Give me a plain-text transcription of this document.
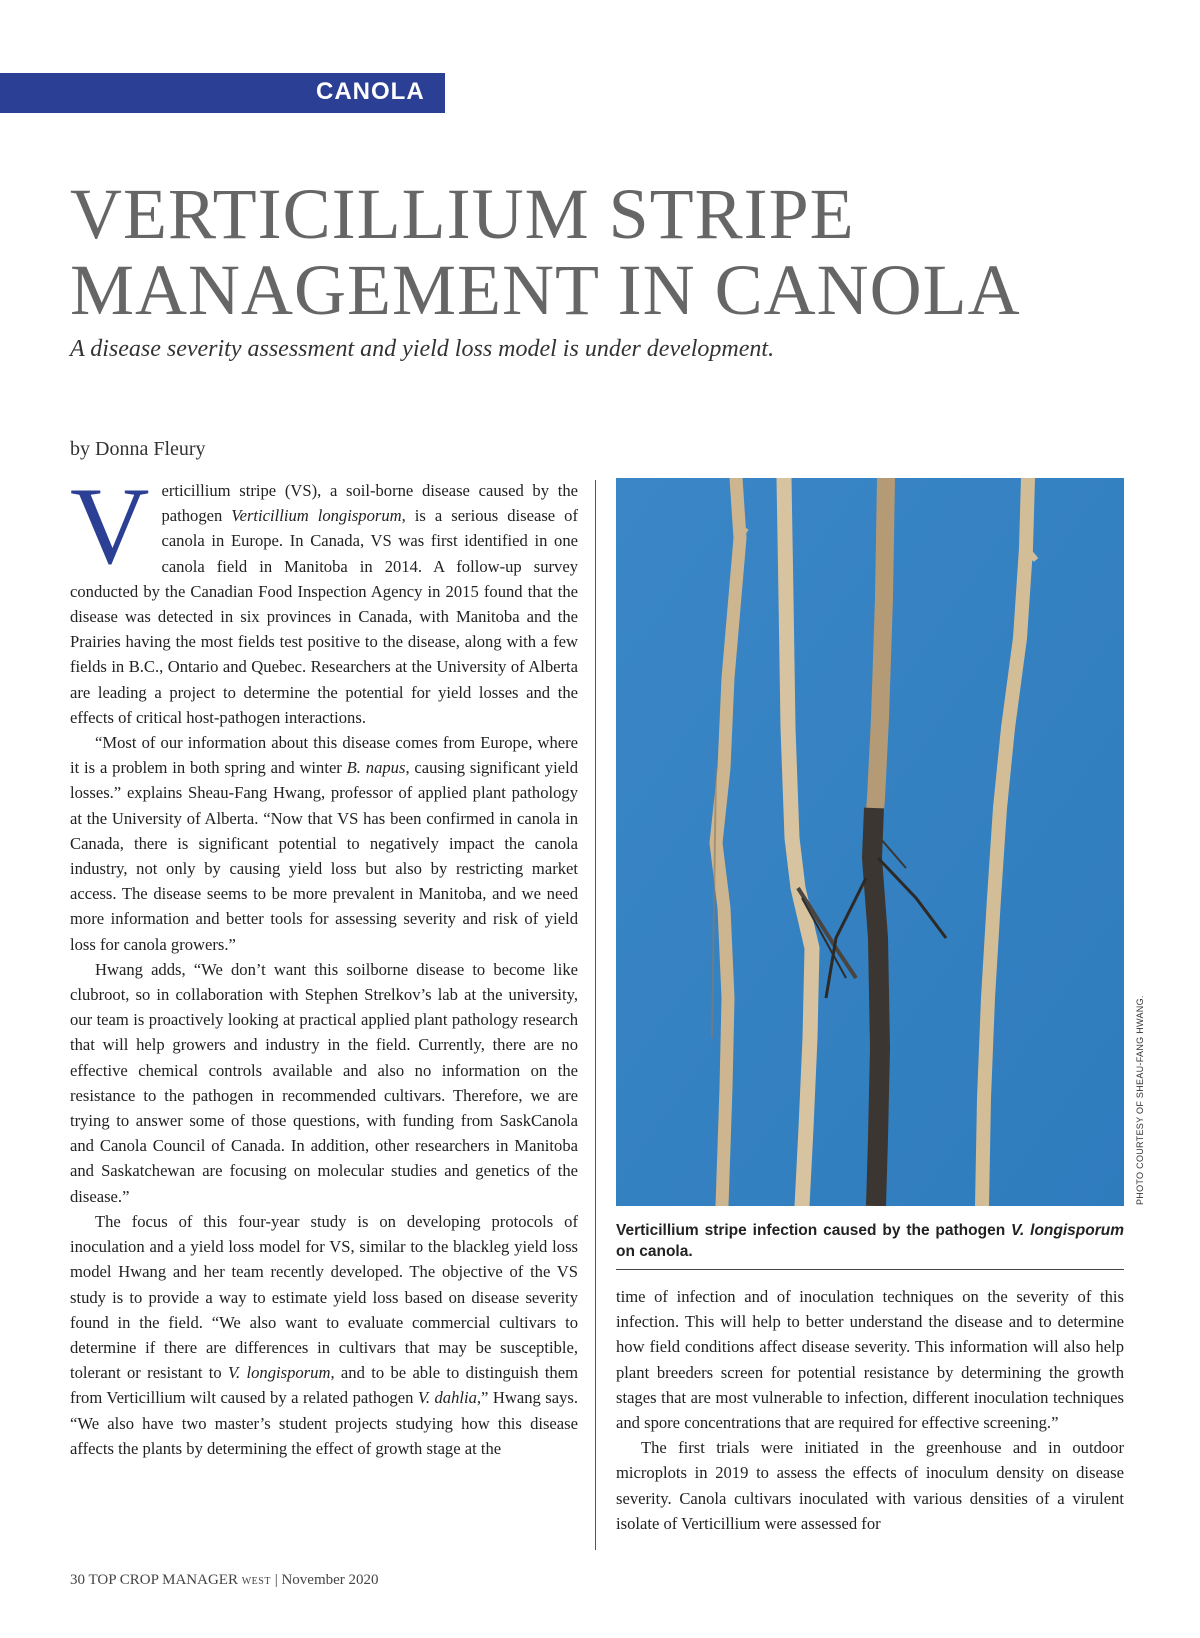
CANOLA
VERTICILLIUM STRIPE
MANAGEMENT IN CANOLA

A disease severity assessment and yield loss model is under development.

by Donna Fleury

Verticillium stripe (VS), a soil-borne disease caused by the pathogen Verticillium longisporum, is a serious disease of canola in Europe. In Canada, VS was first identified in one canola field in Manitoba in 2014. A follow-up survey conducted by the Canadian Food Inspection Agency in 2015 found that the disease was detected in six provinces in Canada, with Manitoba and the Prairies having the most fields test positive to the disease, along with a few fields in B.C., Ontario and Quebec. Researchers at the University of Alberta are leading a project to determine the potential for yield losses and the effects of critical host-pathogen interactions.

“Most of our information about this disease comes from Europe, where it is a problem in both spring and winter B. napus, causing significant yield losses.” explains Sheau-Fang Hwang, professor of applied plant pathology at the University of Alberta. “Now that VS has been confirmed in canola in Canada, there is significant potential to negatively impact the canola industry, not only by causing yield loss but also by restricting market access. The disease seems to be more prevalent in Manitoba, and we need more information and better tools for assessing severity and risk of yield loss for canola growers.”

Hwang adds, “We don’t want this soilborne disease to become like clubroot, so in collaboration with Stephen Strelkov’s lab at the university, our team is proactively looking at practical applied plant pathology research that will help growers and industry in the field. Currently, there are no effective chemical controls available and also no information on the resistance to the pathogen in recommended cultivars. Therefore, we are trying to answer some of those questions, with funding from SaskCanola and Canola Council of Canada. In addition, other researchers in Manitoba and Saskatchewan are focusing on molecular studies and genetics of the disease.”

The focus of this four-year study is on developing protocols of inoculation and a yield loss model for VS, similar to the blackleg yield loss model Hwang and her team recently developed. The objective of the VS study is to provide a way to estimate yield loss based on disease severity found in the field. “We also want to evaluate commercial cultivars to determine if there are differences in cultivars that may be susceptible, tolerant or resistant to V. longisporum, and to be able to distinguish them from Verticillium wilt caused by a related pathogen V. dahlia,” Hwang says. “We also have two master’s student projects studying how this disease affects the plants by determining the effect of growth stage at the

PHOTO COURTESY OF SHEAU-FANG HWANG.

Verticillium stripe infection caused by the pathogen V. longisporum on canola.

time of infection and of inoculation techniques on the severity of this infection. This will help to better understand the disease and to determine how field conditions affect disease severity. This information will also help plant breeders screen for potential resistance by determining the growth stages that are most vulnerable to infection, different inoculation techniques and spore concentrations that are required for effective screening.”

The first trials were initiated in the greenhouse and in outdoor microplots in 2019 to assess the effects of inoculum density on disease severity. Canola cultivars inoculated with various densities of a virulent isolate of Verticillium were assessed for

30 TOP CROP MANAGER WEST | November 2020
